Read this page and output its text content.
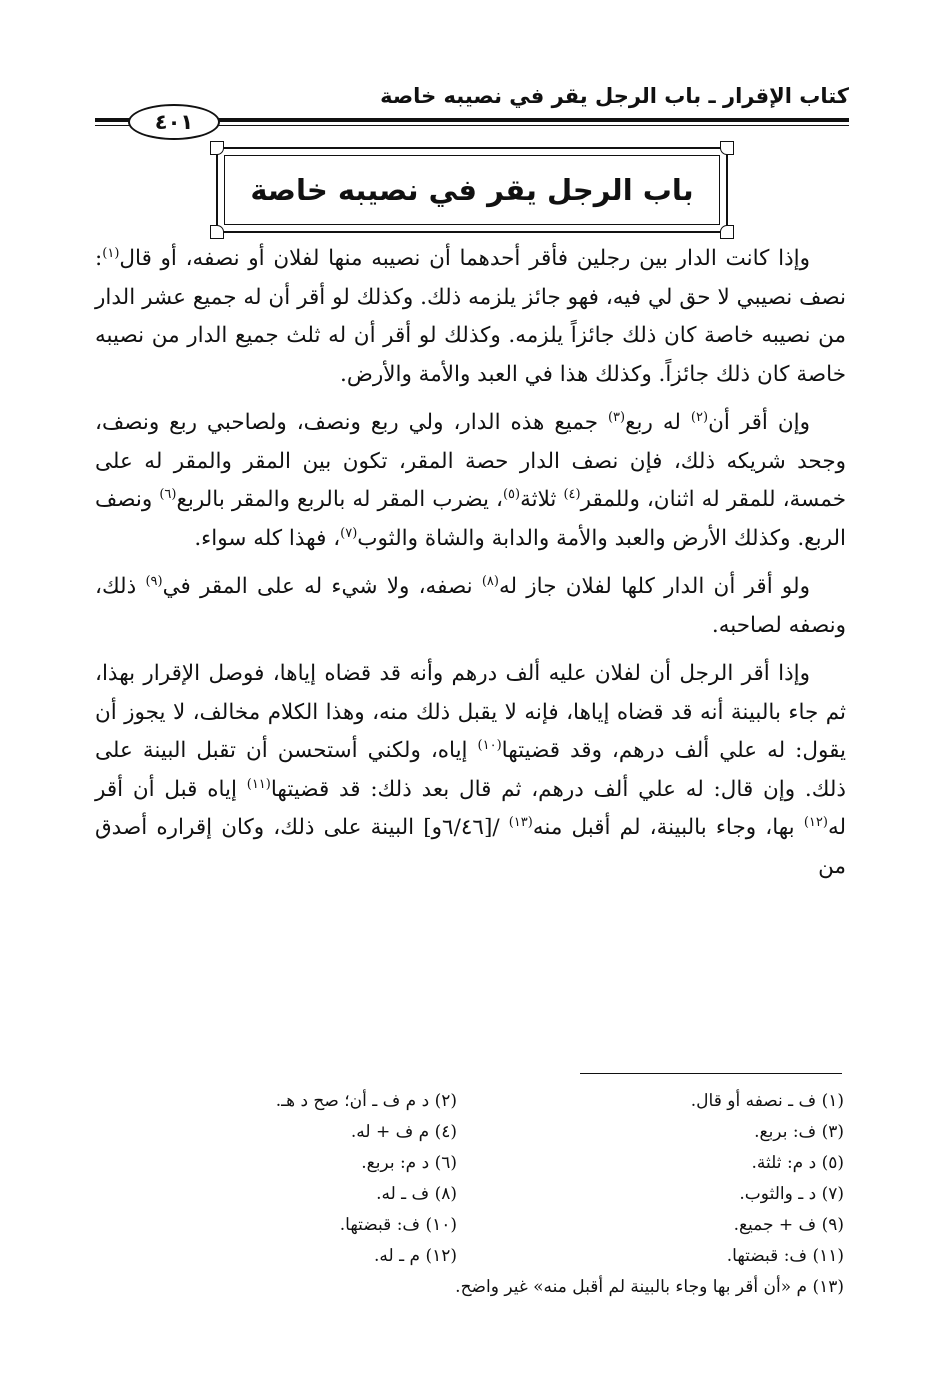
كتاب الإقرار ـ باب الرجل يقر في نصيبه خاصة
٤٠١
باب الرجل يقر في نصيبه خاصة

وإذا كانت الدار بين رجلين فأقر أحدهما أن نصيبه منها لفلان أو نصفه، أو قال$^{(١)}$: نصف نصيبي لا حق لي فيه، فهو جائز يلزمه ذلك. وكذلك لو أقر أن له جميع عشر الدار من نصيبه خاصة كان ذلك جائزاً يلزمه. وكذلك لو أقر أن له ثلث جميع الدار من نصيبه خاصة كان ذلك جائزاً. وكذلك هذا في العبد والأمة والأرض.

وإن أقر أن$^{(٢)}$ له ربع$^{(٣)}$ جميع هذه الدار، ولي ربع ونصف، ولصاحبي ربع ونصف، وجحد شريكه ذلك، فإن نصف الدار حصة المقر، تكون بين المقر والمقر له على خمسة، للمقر له اثنان، وللمقر$^{(٤)}$ ثلاثة$^{(٥)}$، يضرب المقر له بالربع والمقر بالربع$^{(٦)}$ ونصف الربع. وكذلك الأرض والعبد والأمة والدابة والشاة والثوب$^{(٧)}$، فهذا كله سواء.

ولو أقر أن الدار كلها لفلان جاز له$^{(٨)}$ نصفه، ولا شيء له على المقر في$^{(٩)}$ ذلك، ونصفه لصاحبه.

وإذا أقر الرجل أن لفلان عليه ألف درهم وأنه قد قضاه إياها، فوصل الإقرار بهذا، ثم جاء بالبينة أنه قد قضاه إياها، فإنه لا يقبل ذلك منه، وهذا الكلام مخالف، لا يجوز أن يقول: له علي ألف درهم، وقد قضيتها$^{(١٠)}$ إياه، ولكني أستحسن أن تقبل البينة على ذلك. وإن قال: له علي ألف درهم، ثم قال بعد ذلك: قد قضيتها$^{(١١)}$ إياه قبل أن أقر له$^{(١٢)}$ بها، وجاء بالبينة، لم أقبل منه$^{(١٣)}$ /[٦/٤٦و] البينة على ذلك، وكان إقراره أصدق من

(١) ف ـ نصفه أو قال.
(٢) د م ف ـ أن؛ صح د هـ.
(٣) ف: بربع.
(٤) م ف + له.
(٥) د م: ثلثة.
(٦) د م: بربع.
(٧) د ـ والثوب.
(٨) ف ـ له.
(٩) ف + جميع.
(١٠) ف: قبضتها.
(١١) ف: قبضتها.
(١٢) م ـ له.
(١٣) م «أن أقر بها وجاء بالبينة لم أقبل منه» غير واضح.
